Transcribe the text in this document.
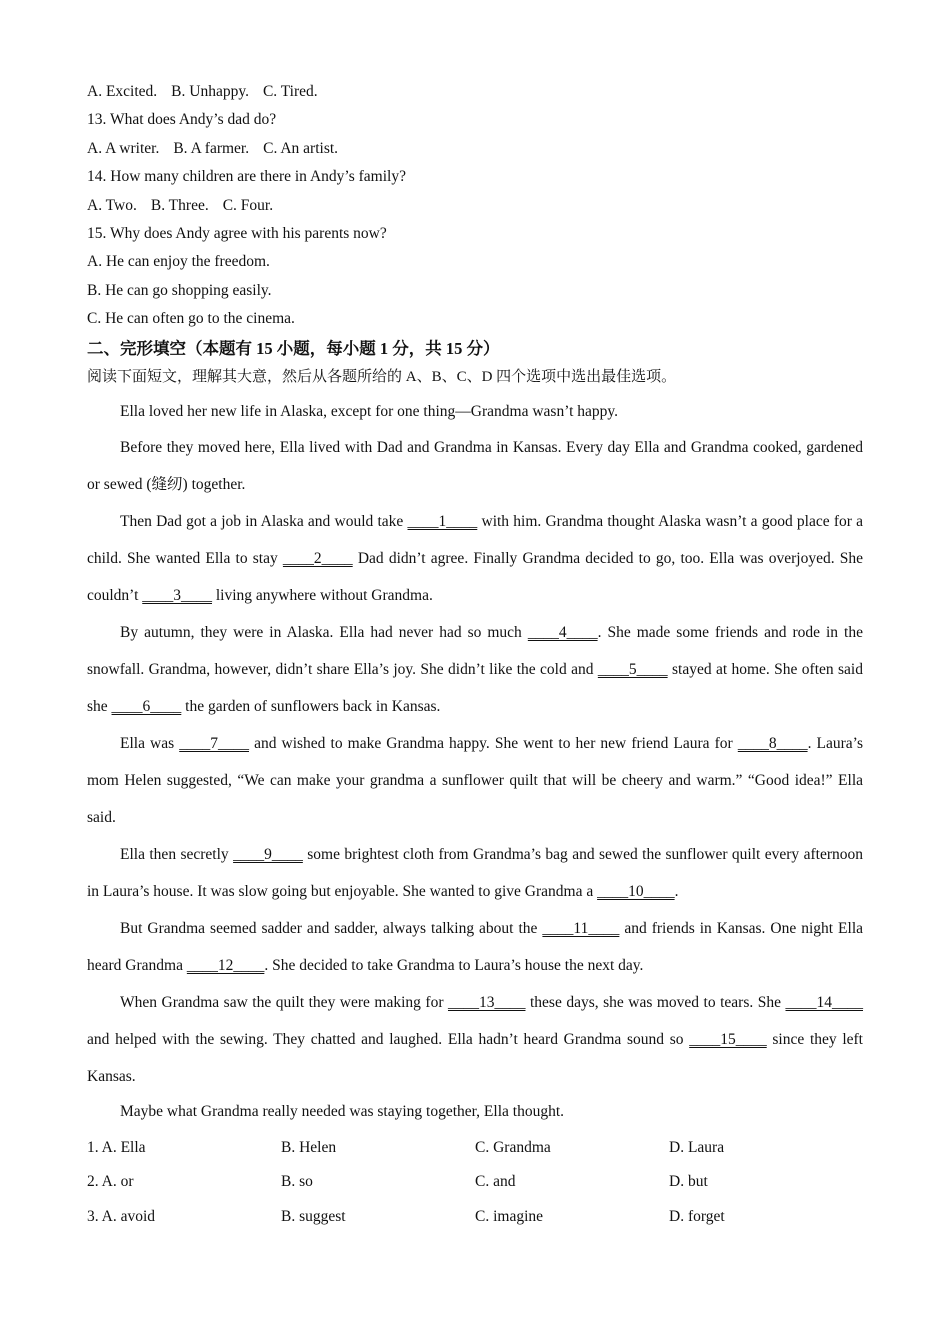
A. Excited. B. Unhappy. C. Tired.
13. What does Andy’s dad do?
A. A writer. B. A farmer. C. An artist.
14. How many children are there in Andy’s family?
A. Two. B. Three. C. Four.
15. Why does Andy agree with his parents now?
A. He can enjoy the freedom.
B. He can go shopping easily.
C. He can often go to the cinema.
二、完形填空（本题有 15 小题，每小题 1 分，共 15 分）
阅读下面短文，理解其大意，然后从各题所给的 A、B、C、D 四个选项中选出最佳选项。

Ella loved her new life in Alaska, except for one thing—Grandma wasn’t happy.

Before they moved here, Ella lived with Dad and Grandma in Kansas. Every day Ella and Grandma cooked, gardened or sewed (缝纫) together.

Then Dad got a job in Alaska and would take ____1____ with him. Grandma thought Alaska wasn’t a good place for a child. She wanted Ella to stay ____2____ Dad didn’t agree. Finally Grandma decided to go, too. Ella was overjoyed. She couldn’t ____3____ living anywhere without Grandma.

By autumn, they were in Alaska. Ella had never had so much ____4____. She made some friends and rode in the snowfall. Grandma, however, didn’t share Ella’s joy. She didn’t like the cold and ____5____ stayed at home. She often said she ____6____ the garden of sunflowers back in Kansas.

Ella was ____7____ and wished to make Grandma happy. She went to her new friend Laura for ____8____. Laura’s mom Helen suggested, “We can make your grandma a sunflower quilt that will be cheery and warm.” “Good idea!” Ella said.

Ella then secretly ____9____ some brightest cloth from Grandma’s bag and sewed the sunflower quilt every afternoon in Laura’s house. It was slow going but enjoyable. She wanted to give Grandma a ____10____.

But Grandma seemed sadder and sadder, always talking about the ____11____ and friends in Kansas. One night Ella heard Grandma ____12____. She decided to take Grandma to Laura’s house the next day.

When Grandma saw the quilt they were making for ____13____ these days, she was moved to tears. She ____14____ and helped with the sewing. They chatted and laughed. Ella hadn’t heard Grandma sound so ____15____ since they left Kansas.

Maybe what Grandma really needed was staying together, Ella thought.

1. A. Ella	B. Helen	C. Grandma	D. Laura
2. A. or	B. so	C. and	D. but
3. A. avoid	B. suggest	C. imagine	D. forget
